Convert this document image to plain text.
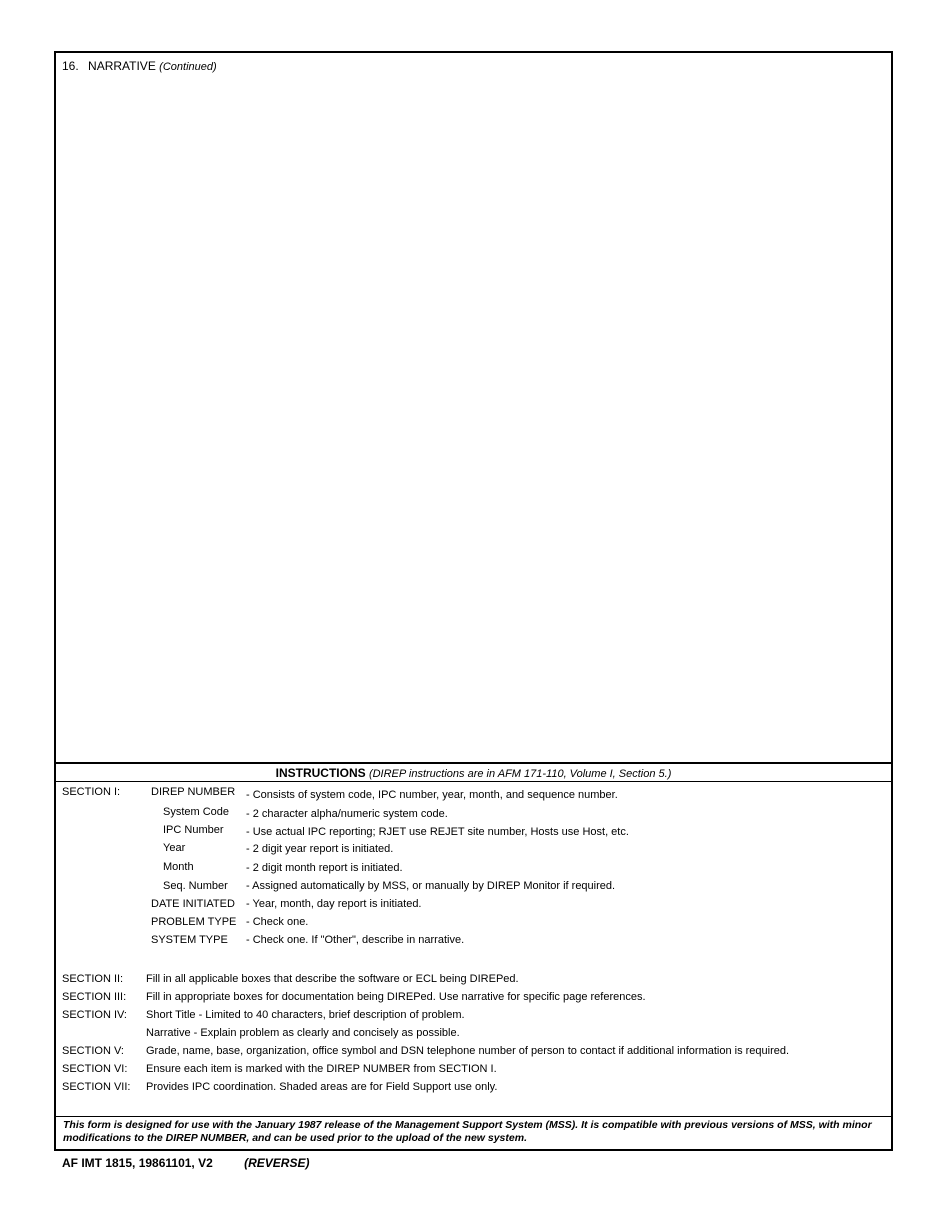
16. NARRATIVE (Continued)
INSTRUCTIONS (DIREP instructions are in AFM 171-110, Volume I, Section 5.)
SECTION I:	DIREP NUMBER - Consists of system code, IPC number, year, month, and sequence number.
System Code - 2 character alpha/numeric system code.
IPC Number - Use actual IPC reporting; RJET use REJET site number, Hosts use Host, etc.
Year	- 2 digit year report is initiated.
Month	- 2 digit month report is initiated.
Seq. Number - Assigned automatically by MSS, or manually by DIREP Monitor if required.
DATE INITIATED - Year, month, day report is initiated.
PROBLEM TYPE - Check one.
SYSTEM TYPE - Check one. If "Other", describe in narrative.
SECTION II: Fill in all applicable boxes that describe the software or ECL being DIREPed.
SECTION III: Fill in appropriate boxes for documentation being DIREPed. Use narrative for specific page references.
SECTION IV: Short Title - Limited to 40 characters, brief description of problem.
Narrative - Explain problem as clearly and concisely as possible.
SECTION V: Grade, name, base, organization, office symbol and DSN telephone number of person to contact if additional information is required.
SECTION VI: Ensure each item is marked with the DIREP NUMBER from SECTION I.
SECTION VII: Provides IPC coordination. Shaded areas are for Field Support use only.
This form is designed for use with the January 1987 release of the Management Support System (MSS). It is compatible with previous versions of MSS, with minor modifications to the DIREP NUMBER, and can be used prior to the upload of the new system.
AF IMT 1815, 19861101, V2	(REVERSE)
